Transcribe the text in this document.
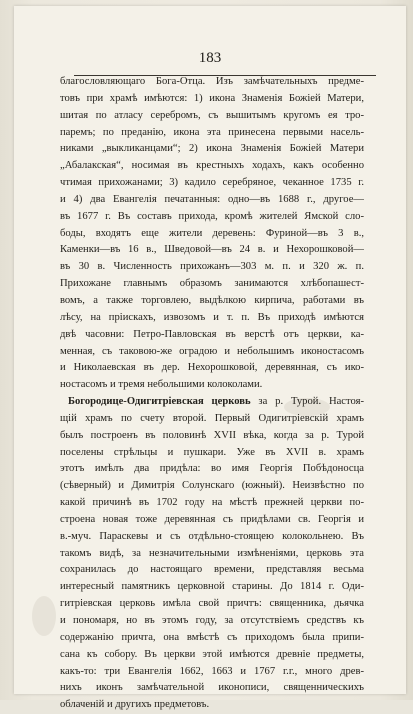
183
благословляющаго Бога-Отца. Изъ замѣчательныхъ предме-
товъ при храмѣ имѣются: 1) икона Знаменія Божіей Матери,
шитая по атласу серебромъ, съ вышитымъ кругомъ ея тро-
паремъ; по преданію, икона эта принесена первыми насель-
никами „выкликанцами“; 2) икона Знаменія Божіей Матери
„Абалакская“, носимая въ крестныхъ ходахъ, какъ особенно
чтимая прихожанами; 3) кадило серебряное, чеканное 1735 г.
и 4) два Евангелія печатанныя: одно—въ 1688 г., другое—
въ 1677 г. Въ составъ прихода, кромѣ жителей Ямской сло-
боды, входятъ еще жители деревень: Фуриной—въ 3 в.,
Каменки—въ 16 в., Шведовой—въ 24 в. и Нехорошковой—
въ 30 в. Численность прихожанъ—303 м. п. и 320 ж. п.
Прихожане главнымъ образомъ занимаются хлѣбопашест-
вомъ, а также торговлею, выдѣлкою кирпича, работами въ
лѣсу, на пріискахъ, извозомъ и т. п. Въ приходѣ имѣются
двѣ часовни: Петро-Павловская въ верстѣ отъ церкви, ка-
менная, съ таковою-же оградою и небольшимъ иконостасомъ
и Николаевская въ дер. Нехорошковой, деревянная, съ ико-
ностасомъ и тремя небольшими колоколами.
Богородице-Одигитріевская церковь за р. Турой. Настоя-
щій храмъ по счету второй. Первый Одигитріевскій храмъ
былъ построенъ въ половинѣ XVII вѣка, когда за р. Турой
поселены стрѣльцы и пушкари. Уже въ XVII в. храмъ
этотъ имѣлъ два придѣла: во имя Георгія Побѣдоносца
(сѣверный) и Димитрія Солунскаго (южный). Неизвѣстно по
какой причинѣ въ 1702 году на мѣстѣ прежней церкви по-
строена новая тоже деревянная съ придѣлами св. Георгія и
в.-муч. Параскевы и съ отдѣльно-стоящею колокольнею. Въ
такомъ видѣ, за незначительными измѣненіями, церковь эта
сохранилась до настоящаго времени, представляя весьма
интересный памятникъ церковной старины. До 1814 г. Оди-
гитріевская церковь имѣла свой причтъ: священника, дьячка
и пономаря, но въ этомъ году, за отсутствіемъ средствъ къ
содержанію причта, она вмѣстѣ съ приходомъ была припи-
сана къ собору. Въ церкви этой имѣются древніе предметы,
какъ-то: три Евангелія 1662, 1663 и 1767 г.г., много древ-
нихъ иконъ замѣчательной иконописи, священническихъ
облаченій и другихъ предметовъ.
